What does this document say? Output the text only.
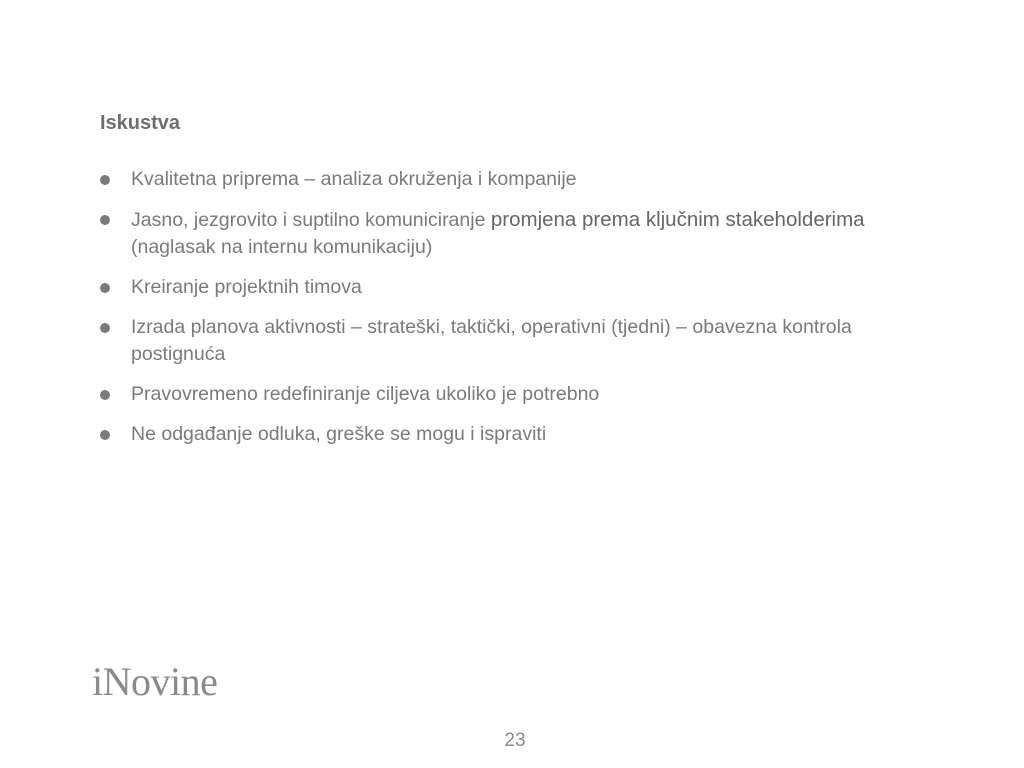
Iskustva
Kvalitetna priprema – analiza okruženja i kompanije
Jasno, jezgrovito i suptilno komuniciranje promjena prema ključnim stakeholderima (naglasak na internu komunikaciju)
Kreiranje projektnih timova
Izrada planova aktivnosti – strateški, taktički, operativni (tjedni) – obavezna kontrola postignuća
Pravovremeno redefiniranje ciljeva ukoliko je potrebno
Ne odgađanje odluka, greške se mogu i ispraviti
iNovine
23
